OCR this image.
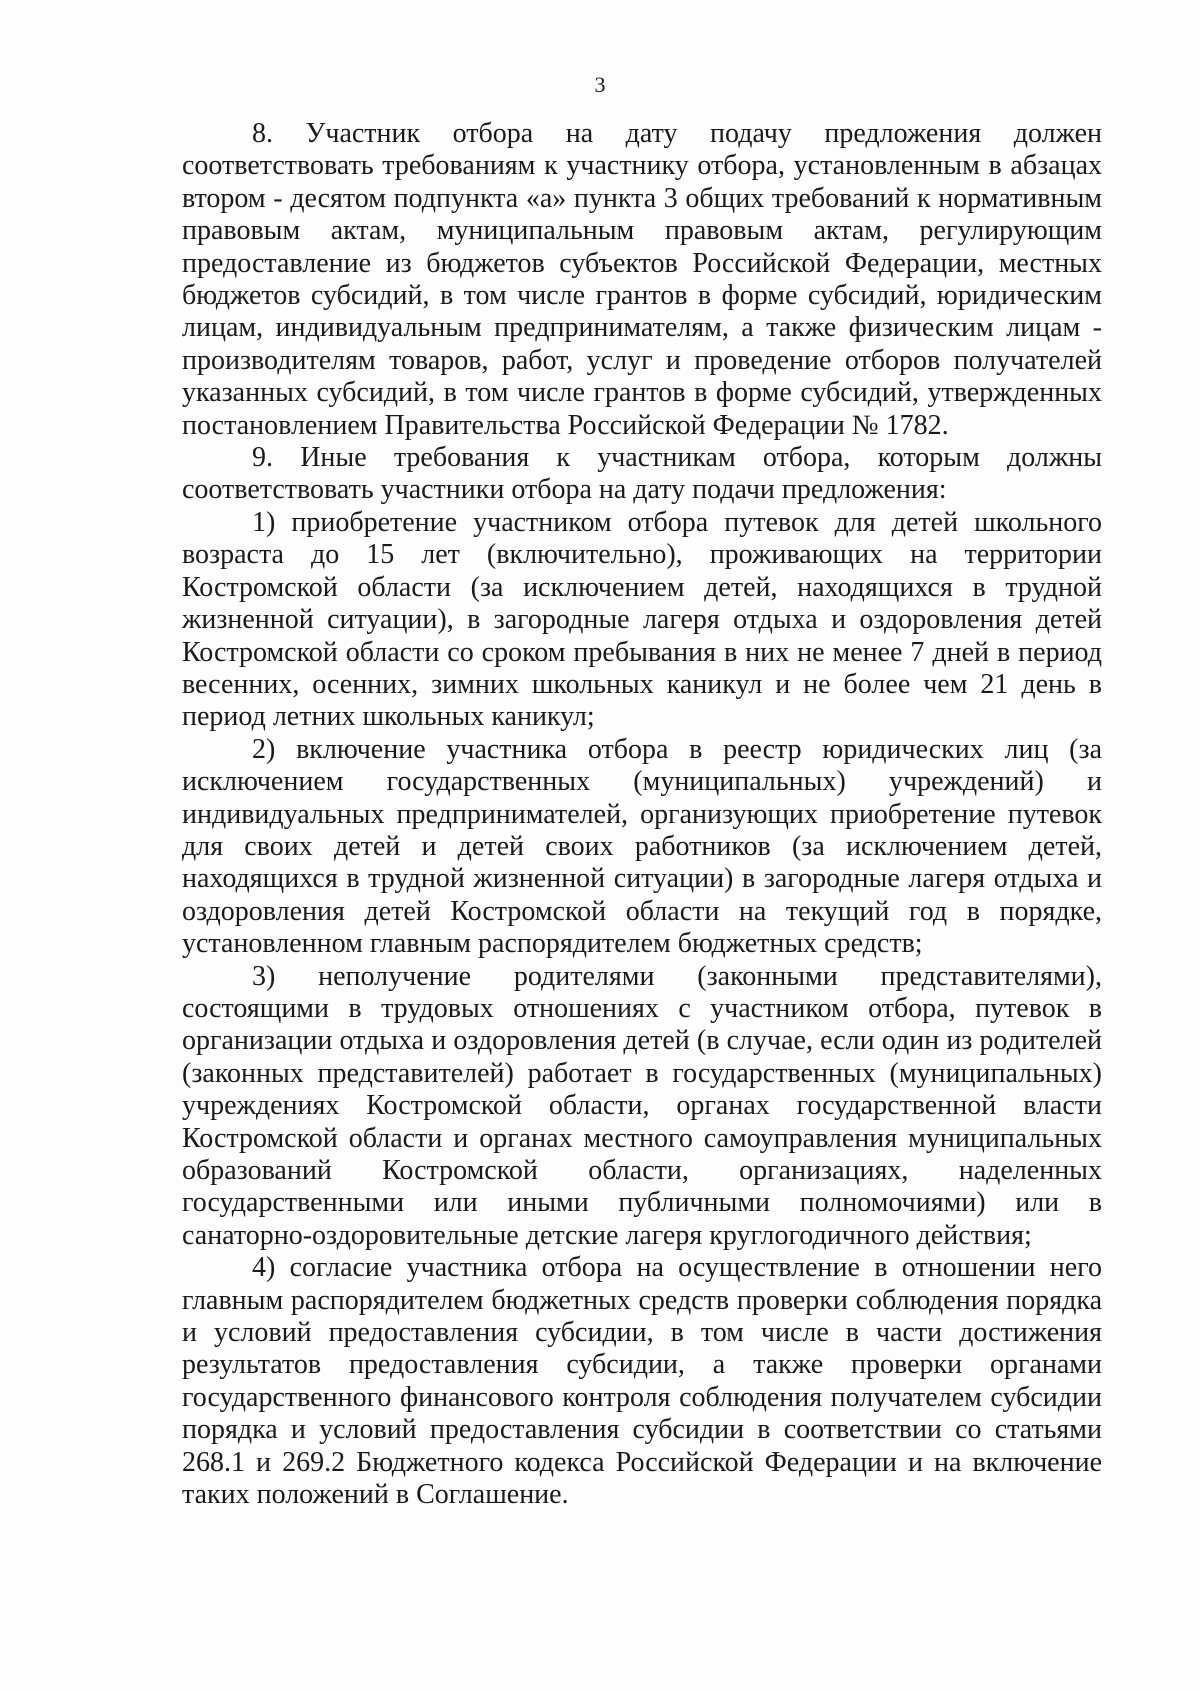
3

8. Участник отбора на дату подачу предложения должен соответствовать требованиям к участнику отбора, установленным в абзацах втором - десятом подпункта «а» пункта 3 общих требований к нормативным правовым актам, муниципальным правовым актам, регулирующим предоставление из бюджетов субъектов Российской Федерации, местных бюджетов субсидий, в том числе грантов в форме субсидий, юридическим лицам, индивидуальным предпринимателям, а также физическим лицам - производителям товаров, работ, услуг и проведение отборов получателей указанных субсидий, в том числе грантов в форме субсидий, утвержденных постановлением Правительства Российской Федерации № 1782.

9. Иные требования к участникам отбора, которым должны соответствовать участники отбора на дату подачи предложения:

1) приобретение участником отбора путевок для детей школьного возраста до 15 лет (включительно), проживающих на территории Костромской области (за исключением детей, находящихся в трудной жизненной ситуации), в загородные лагеря отдыха и оздоровления детей Костромской области со сроком пребывания в них не менее 7 дней в период весенних, осенних, зимних школьных каникул и не более чем 21 день в период летних школьных каникул;

2) включение участника отбора в реестр юридических лиц (за исключением государственных (муниципальных) учреждений) и индивидуальных предпринимателей, организующих приобретение путевок для своих детей и детей своих работников (за исключением детей, находящихся в трудной жизненной ситуации) в загородные лагеря отдыха и оздоровления детей Костромской области на текущий год в порядке, установленном главным распорядителем бюджетных средств;

3) неполучение родителями (законными представителями), состоящими в трудовых отношениях с участником отбора, путевок в организации отдыха и оздоровления детей (в случае, если один из родителей (законных представителей) работает в государственных (муниципальных) учреждениях Костромской области, органах государственной власти Костромской области и органах местного самоуправления муниципальных образований Костромской области, организациях, наделенных государственными или иными публичными полномочиями) или в санаторно-оздоровительные детские лагеря круглогодичного действия;

4) согласие участника отбора на осуществление в отношении него главным распорядителем бюджетных средств проверки соблюдения порядка и условий предоставления субсидии, в том числе в части достижения результатов предоставления субсидии, а также проверки органами государственного финансового контроля соблюдения получателем субсидии порядка и условий предоставления субсидии в соответствии со статьями 268.1 и 269.2 Бюджетного кодекса Российской Федерации и на включение таких положений в Соглашение.
